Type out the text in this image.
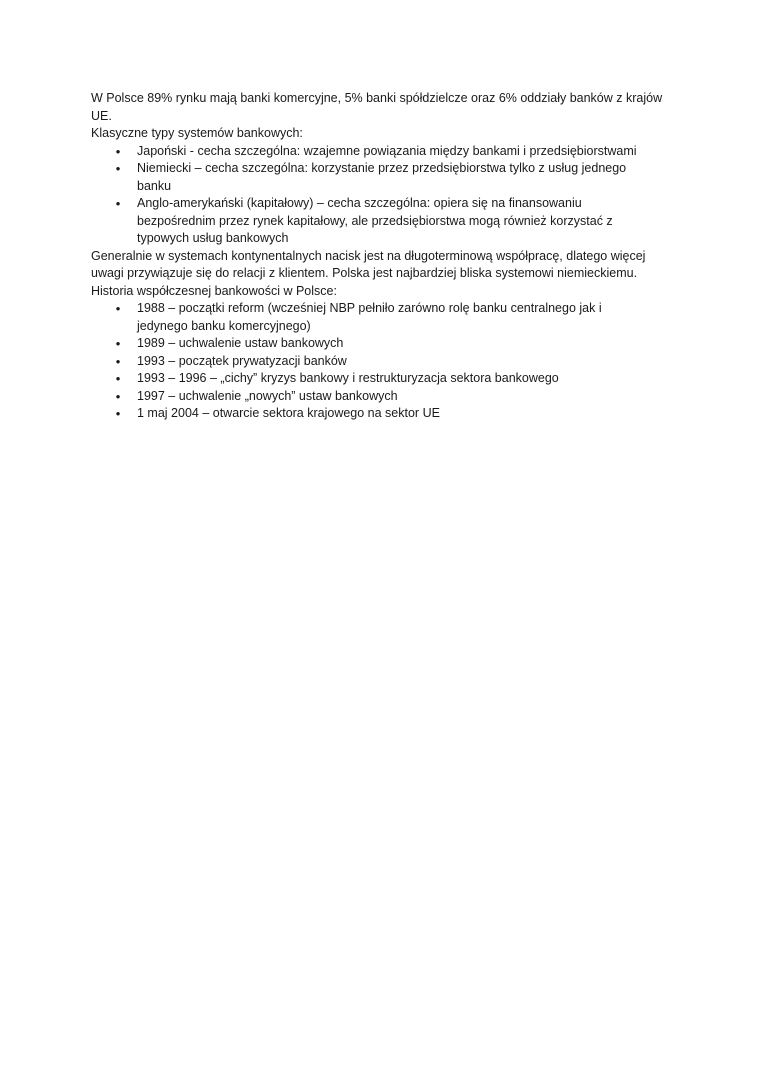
W Polsce 89% rynku mają banki komercyjne, 5% banki spółdzielcze oraz 6% oddziały banków z krajów
UE.
Klasyczne typy systemów bankowych:
• Japoński - cecha szczególna: wzajemne powiązania między bankami i przedsiębiorstwami
• Niemiecki – cecha szczególna: korzystanie przez przedsiębiorstwa tylko z usług jednego
banku
• Anglo-amerykański (kapitałowy) – cecha szczególna: opiera się na finansowaniu
bezpośrednim przez rynek kapitałowy, ale przedsiębiorstwa mogą również korzystać z
typowych usług bankowych
Generalnie w systemach kontynentalnych nacisk jest na długoterminową współpracę, dlatego więcej
uwagi przywiązuje się do relacji z klientem. Polska jest najbardziej bliska systemowi niemieckiemu.
Historia współczesnej bankowości w Polsce:
• 1988 – początki reform (wcześniej NBP pełniło zarówno rolę banku centralnego jak i
jedynego banku komercyjnego)
• 1989 – uchwalenie ustaw bankowych
• 1993 – początek prywatyzacji banków
• 1993 – 1996 – „cichy” kryzys bankowy i restrukturyzacja sektora bankowego
• 1997 – uchwalenie „nowych” ustaw bankowych
• 1 maj 2004 – otwarcie sektora krajowego na sektor UE
